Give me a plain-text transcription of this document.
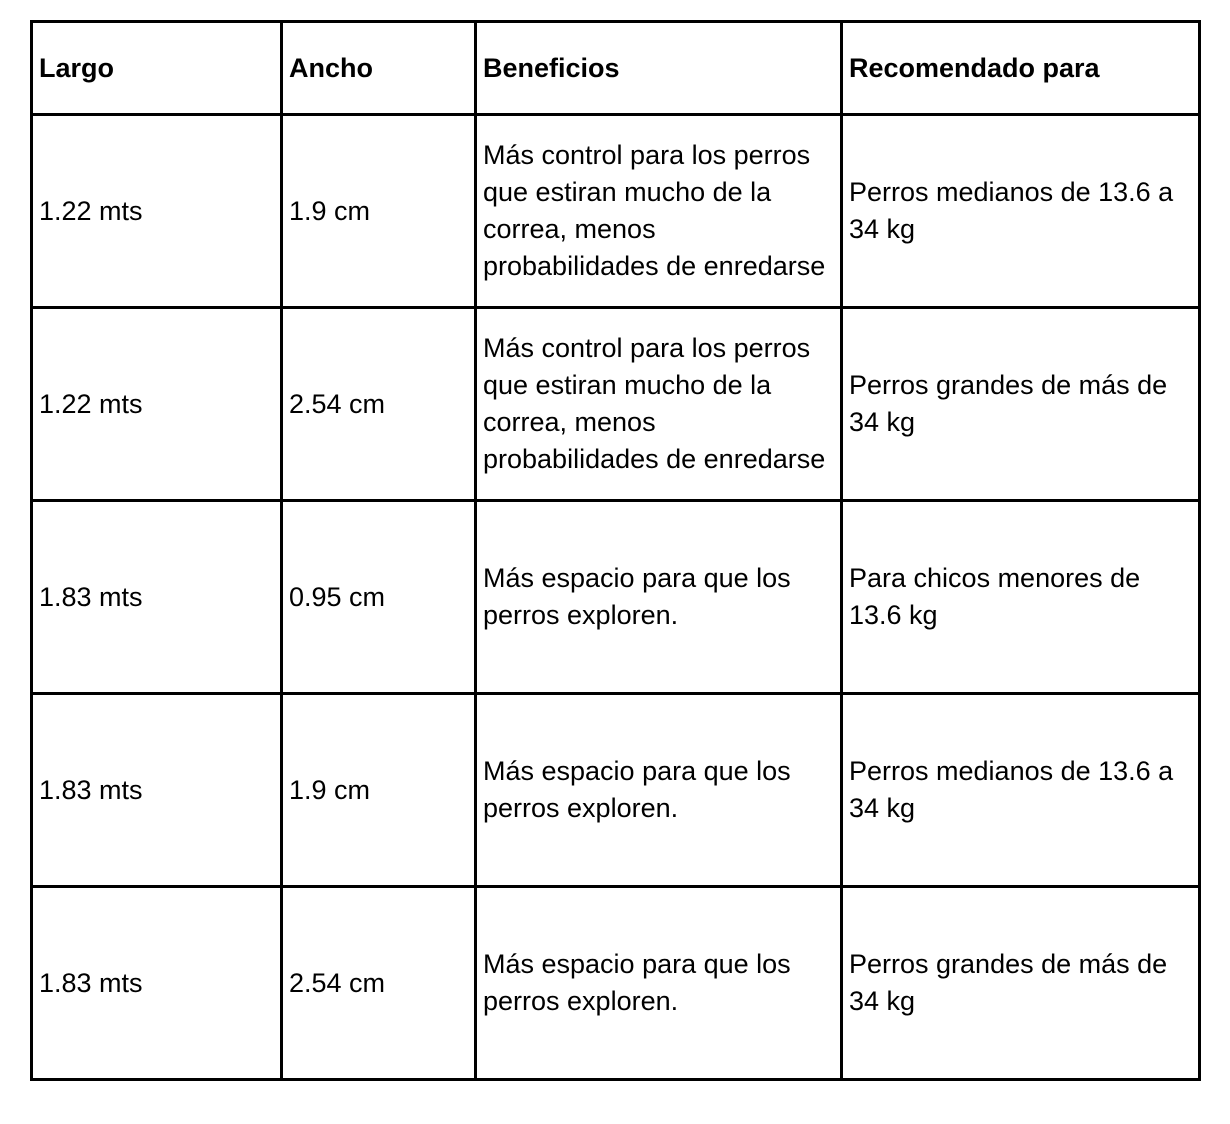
Largo	Ancho	Beneficios	Recomendado para
1.22 mts	1.9 cm	Más control para los perros que estiran mucho de la correa, menos probabilidades de enredarse	Perros medianos de 13.6 a 34 kg
1.22 mts	2.54 cm	Más control para los perros que estiran mucho de la correa, menos probabilidades de enredarse	Perros grandes de más de 34 kg
1.83 mts	0.95 cm	Más espacio para que los perros exploren.	Para chicos menores de 13.6 kg
1.83 mts	1.9 cm	Más espacio para que los perros exploren.	Perros medianos de 13.6 a 34 kg
1.83 mts	2.54 cm	Más espacio para que los perros exploren.	Perros grandes de más de 34 kg
